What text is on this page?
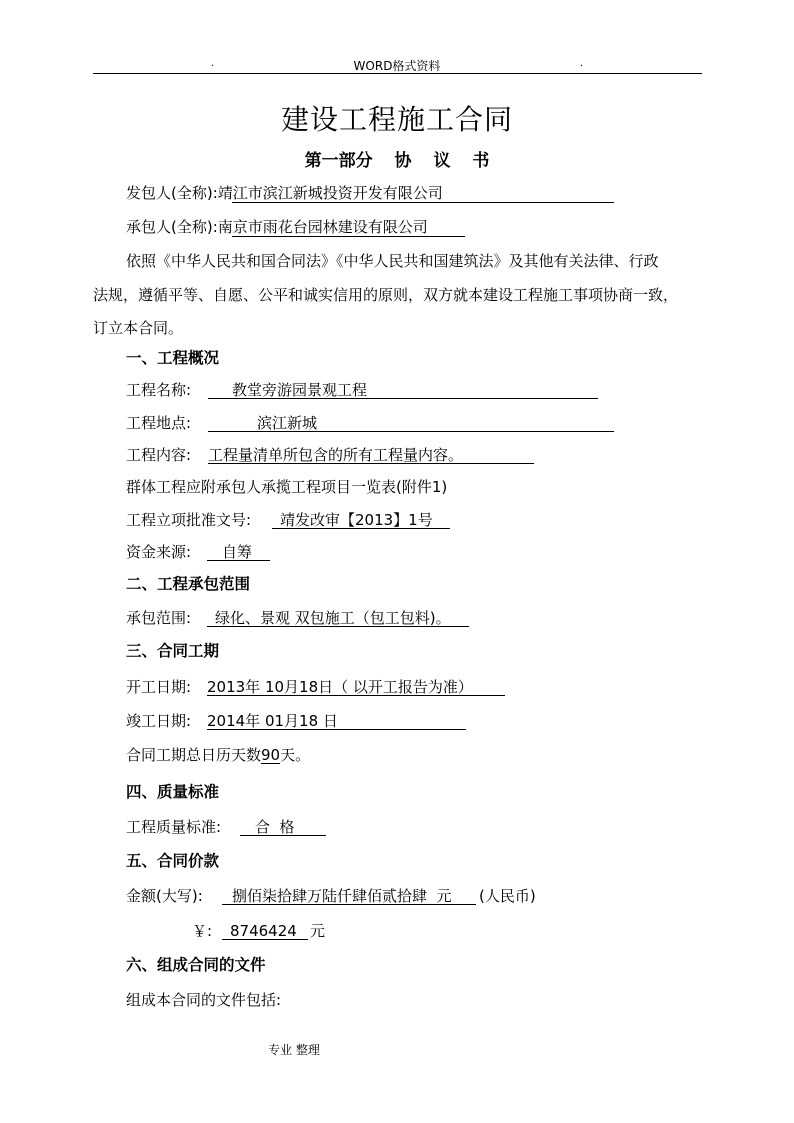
WORD格式资料
.	.
建设工程施工合同
第一部分 协 议 书
发包人(全称):靖江市滨江新城投资开发有限公司
承包人(全称):南京市雨花台园林建设有限公司
依照《中华人民共和国合同法》《中华人民共和国建筑法》及其他有关法律、行政
法规，遵循平等、自愿、公平和诚实信用的原则，双方就本建设工程施工事项协商一致，
订立本合同。
一、工程概况
工程名称:	教堂旁游园景观工程
工程地点:	滨江新城
工程内容: 工程量清单所包含的所有工程量内容。
群体工程应附承包人承揽工程项目一览表(附件1)
工程立项批准文号: 靖发改审【2013】1号
资金来源: 自筹
二、工程承包范围
承包范围: 绿化、景观 双包施工（包工包料)。
三、合同工期
开工日期: 2013年 10月18日（ 以开工报告为准）
竣工日期: 2014年 01月18 日
合同工期总日历天数90天。
四、质量标准
工程质量标准: 合  格
五、合同价款
金额(大写): 捌佰柒拾肆万陆仟肆佰贰拾肆  元 (人民币)
￥: 8746424 元
六、组成合同的文件
组成本合同的文件包括:
专业 整理
